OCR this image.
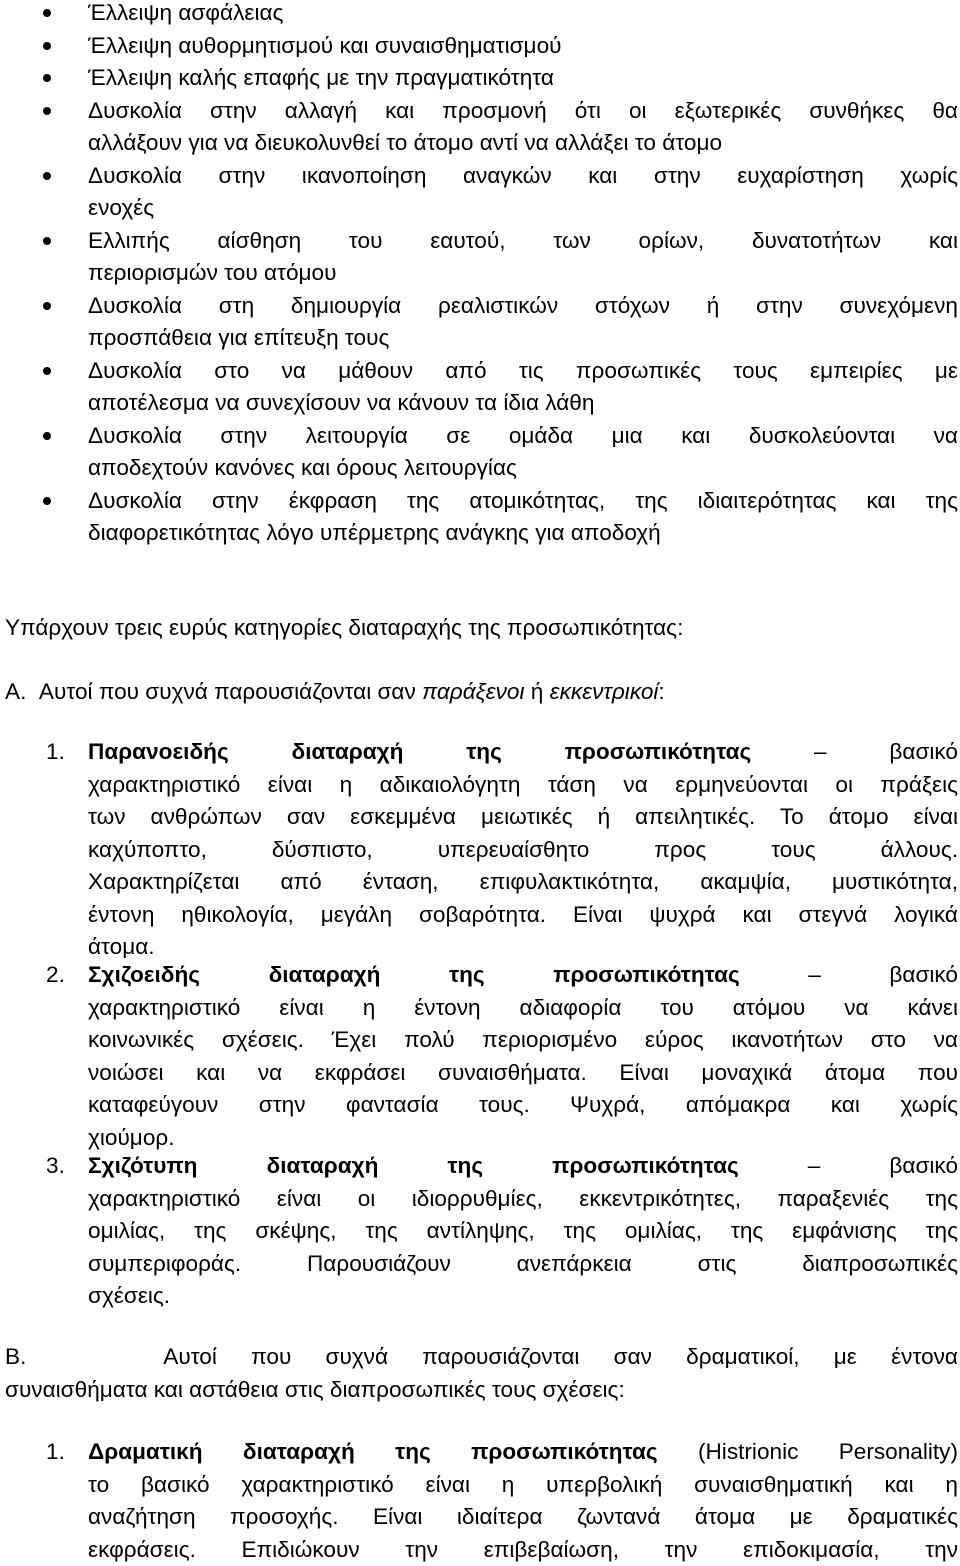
Έλλειψη ασφάλειας
Έλλειψη αυθορμητισμού και συναισθηματισμού
Έλλειψη καλής επαφής με την πραγματικότητα
Δυσκολία στην αλλαγή και προσμονή ότι οι εξωτερικές συνθήκες θα
αλλάξουν για να διευκολυνθεί το άτομο αντί να αλλάξει το άτομο
Δυσκολία στην ικανοποίηση αναγκών και στην ευχαρίστηση χωρίς
ενοχές
Ελλιπής αίσθηση του εαυτού, των ορίων, δυνατοτήτων και
περιορισμών του ατόμου
Δυσκολία στη δημιουργία ρεαλιστικών στόχων ή στην συνεχόμενη
προσπάθεια για επίτευξη τους
Δυσκολία στο να μάθουν από τις προσωπικές τους εμπειρίες με
αποτέλεσμα να συνεχίσουν να κάνουν τα ίδια λάθη
Δυσκολία στην λειτουργία σε ομάδα μια και δυσκολεύονται να
αποδεχτούν κανόνες και όρους λειτουργίας
Δυσκολία στην έκφραση της ατομικότητας, της ιδιαιτερότητας και της
διαφορετικότητας λόγο υπέρμετρης ανάγκης για αποδοχή
Υπάρχουν τρεις ευρύς κατηγορίες διαταραχής της προσωπικότητας:
Α. Αυτοί που συχνά παρουσιάζονται σαν παράξενοι ή εκκεντρικοί:
1. Παρανοειδής διαταραχή της προσωπικότητας	– βασικό
χαρακτηριστικό είναι η αδικαιολόγητη τάση να ερμηνεύονται οι πράξεις
των ανθρώπων σαν εσκεμμένα μειωτικές ή απειλητικές. Το άτομο είναι
καχύποπτο, δύσπιστο, υπερευαίσθητο προς τους άλλους.
Χαρακτηρίζεται από ένταση, επιφυλακτικότητα, ακαμψία, μυστικότητα,
έντονη ηθικολογία, μεγάλη σοβαρότητα. Είναι ψυχρά και στεγνά λογικά
άτομα.
2. Σχιζοειδής διαταραχή της προσωπικότητας	– βασικό
χαρακτηριστικό είναι η έντονη αδιαφορία του ατόμου να κάνει
κοινωνικές σχέσεις. Έχει πολύ περιορισμένο εύρος ικανοτήτων στο να
νοιώσει και να εκφράσει συναισθήματα. Είναι μοναχικά άτομα που
καταφεύγουν στην φαντασία τους. Ψυχρά, απόμακρα και χωρίς
χιούμορ.
3. Σχιζότυπη διαταραχή της προσωπικότητας	– βασικό
χαρακτηριστικό είναι οι ιδιορρυθμίες, εκκεντρικότητες, παραξενιές της
ομιλίας, της σκέψης, της αντίληψης, της ομιλίας, της εμφάνισης της
συμπεριφοράς. Παρουσιάζουν ανεπάρκεια στις διαπροσωπικές
σχέσεις.
Β.	Αυτοί που συχνά παρουσιάζονται σαν δραματικοί, με έντονα
συναισθήματα και αστάθεια στις διαπροσωπικές τους σχέσεις:
1. Δραματική διαταραχή της προσωπικότητας (Histrionic Personality)
το βασικό χαρακτηριστικό είναι η υπερβολική συναισθηματική και η
αναζήτηση προσοχής. Είναι ιδιαίτερα ζωντανά άτομα με δραματικές
εκφράσεις. Επιδιώκουν την επιβεβαίωση, την επιδοκιμασία, την
